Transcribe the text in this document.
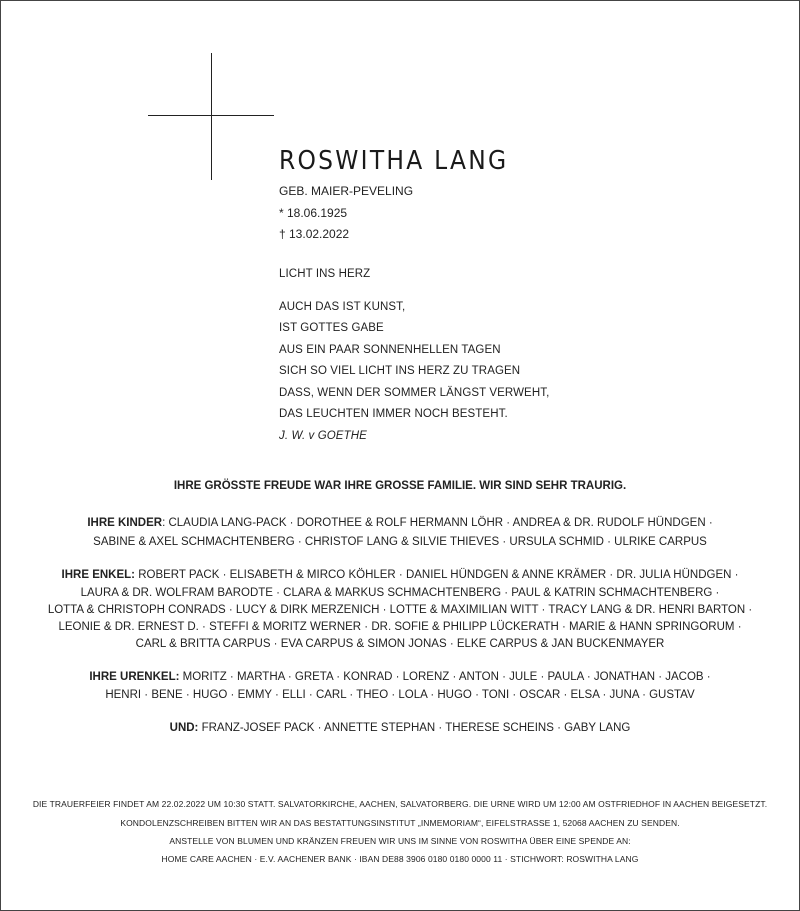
ROSWITHA LANG
GEB. MAIER-PEVELING
* 18.06.1925
† 13.02.2022
LICHT INS HERZ
AUCH DAS IST KUNST,
IST GOTTES GABE
AUS EIN PAAR SONNENHELLEN TAGEN
SICH SO VIEL LICHT INS HERZ ZU TRAGEN
DASS, WENN DER SOMMER LÄNGST VERWEHT,
DAS LEUCHTEN IMMER NOCH BESTEHT.
J. W. v GOETHE
IHRE GRÖSSTE FREUDE WAR IHRE GROSSE FAMILIE. WIR SIND SEHR TRAURIG.
IHRE KINDER: CLAUDIA LANG-PACK · DOROTHEE & ROLF HERMANN LÖHR · ANDREA & DR. RUDOLF HÜNDGEN ·
SABINE & AXEL SCHMACHTENBERG · CHRISTOF LANG & SILVIE THIEVES · URSULA SCHMID · ULRIKE CARPUS
IHRE ENKEL: ROBERT PACK · ELISABETH & MIRCO KÖHLER · DANIEL HÜNDGEN & ANNE KRÄMER · DR. JULIA HÜNDGEN ·
LAURA & DR. WOLFRAM BARODTE · CLARA & MARKUS SCHMACHTENBERG · PAUL & KATRIN SCHMACHTENBERG ·
LOTTA & CHRISTOPH CONRADS · LUCY & DIRK MERZENICH · LOTTE & MAXIMILIAN WITT · TRACY LANG & DR. HENRI BARTON ·
LEONIE & DR. ERNEST D. · STEFFI & MORITZ WERNER · DR. SOFIE & PHILIPP LÜCKERATH · MARIE & HANN SPRINGORUM ·
CARL & BRITTA CARPUS · EVA CARPUS & SIMON JONAS · ELKE CARPUS & JAN BUCKENMAYER
IHRE URENKEL: MORITZ · MARTHA · GRETA · KONRAD · LORENZ · ANTON · JULE · PAULA · JONATHAN · JACOB ·
HENRI · BENE · HUGO · EMMY · ELLI · CARL · THEO · LOLA · HUGO · TONI · OSCAR · ELSA · JUNA · GUSTAV
UND: FRANZ-JOSEF PACK · ANNETTE STEPHAN · THERESE SCHEINS · GABY LANG
DIE TRAUERFEIER FINDET AM 22.02.2022 UM 10:30 STATT. SALVATORKIRCHE, AACHEN, SALVATORBERG. DIE URNE WIRD UM 12:00 AM OSTFRIEDHOF IN AACHEN BEIGESETZT.
KONDOLENZSCHREIBEN BITTEN WIR AN DAS BESTATTUNGSINSTITUT „INMEMORIAM“, EIFELSTRASSE 1, 52068 AACHEN ZU SENDEN.
ANSTELLE VON BLUMEN UND KRÄNZEN FREUEN WIR UNS IM SINNE VON ROSWITHA ÜBER EINE SPENDE AN:
HOME CARE AACHEN · E.V. AACHENER BANK · IBAN DE88 3906 0180 0180 0000 11 · STICHWORT: ROSWITHA LANG
